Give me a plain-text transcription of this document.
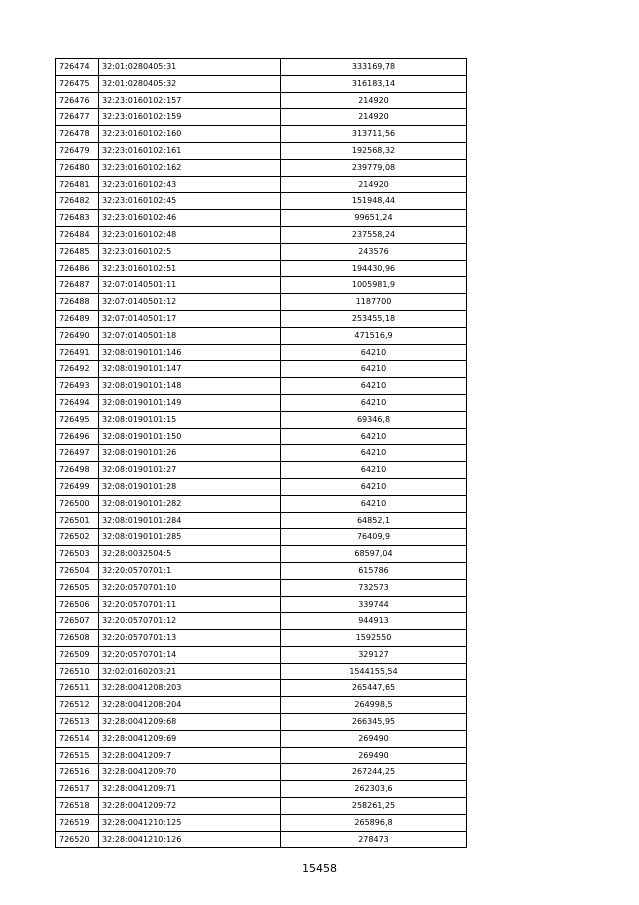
726474	32:01:0280405:31	333169,78
726475	32:01:0280405:32	316183,14
726476	32:23:0160102:157	214920
726477	32:23:0160102:159	214920
726478	32:23:0160102:160	313711,56
726479	32:23:0160102:161	192568,32
726480	32:23:0160102:162	239779,08
726481	32:23:0160102:43	214920
726482	32:23:0160102:45	151948,44
726483	32:23:0160102:46	99651,24
726484	32:23:0160102:48	237558,24
726485	32:23:0160102:5	243576
726486	32:23:0160102:51	194430,96
726487	32:07:0140501:11	1005981,9
726488	32:07:0140501:12	1187700
726489	32:07:0140501:17	253455,18
726490	32:07:0140501:18	471516,9
726491	32:08:0190101:146	64210
726492	32:08:0190101:147	64210
726493	32:08:0190101:148	64210
726494	32:08:0190101:149	64210
726495	32:08:0190101:15	69346,8
726496	32:08:0190101:150	64210
726497	32:08:0190101:26	64210
726498	32:08:0190101:27	64210
726499	32:08:0190101:28	64210
726500	32:08:0190101:282	64210
726501	32:08:0190101:284	64852,1
726502	32:08:0190101:285	76409,9
726503	32:28:0032504:5	68597,04
726504	32:20:0570701:1	615786
726505	32:20:0570701:10	732573
726506	32:20:0570701:11	339744
726507	32:20:0570701:12	944913
726508	32:20:0570701:13	1592550
726509	32:20:0570701:14	329127
726510	32:02:0160203:21	1544155,54
726511	32:28:0041208:203	265447,65
726512	32:28:0041208:204	264998,5
726513	32:28:0041209:68	266345,95
726514	32:28:0041209:69	269490
726515	32:28:0041209:7	269490
726516	32:28:0041209:70	267244,25
726517	32:28:0041209:71	262303,6
726518	32:28:0041209:72	258261,25
726519	32:28:0041210:125	265896,8
726520	32:28:0041210:126	278473
15458
